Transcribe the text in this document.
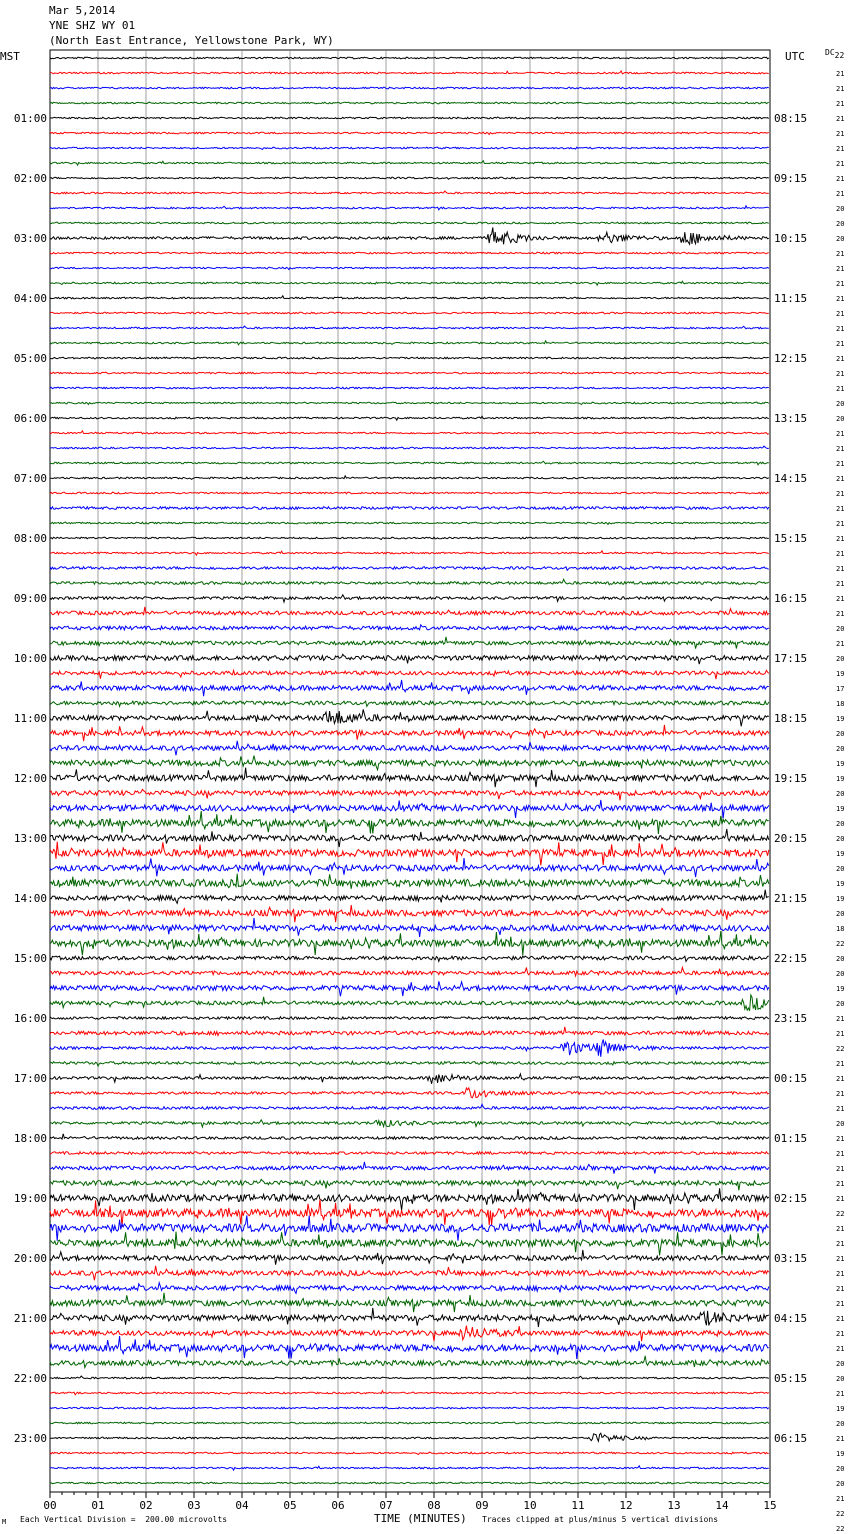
Mar 5,2014
YNE SHZ WY 01
(North East Entrance, Yellowstone Park, WY)
MST	UTC	DC22
01:00
02:00
03:00
04:00
05:00
06:00
07:00
08:00
09:00
10:00
11:00
12:00
13:00
14:00
15:00
16:00
17:00
18:00
19:00
20:00
21:00
22:00
23:00
08:15
09:15
10:15
11:15
12:15
13:15
14:15
15:15
16:15
17:15
18:15
19:15
20:15
21:15
22:15
23:15
00:15
01:15
02:15
03:15
04:15
05:15
06:15
21
21
21
21
21
21
21
21
21
20
20
20
21
21
21
21
21
21
21
21
21
21
20
20
21
21
21
21
21
21
21
21
21
21
21
21
21
20
21
20
19
17
18
19
20
20
19
19
20
19
20
20
19
20
19
19
20
18
22
20
20
19
20
21
21
22
21
21
21
21
20
21
21
21
21
21
22
21
21
21
21
21
21
21
21
21
20
20
21
19
20
21
19
20
20
21
22
22
00	01	02	03	04	05	06	07	08	09	10	11	12	13	14	15
M Each Vertical Division =  200.00 microvolts	TIME (MINUTES) Traces clipped at plus/minus 5 vertical divisions
